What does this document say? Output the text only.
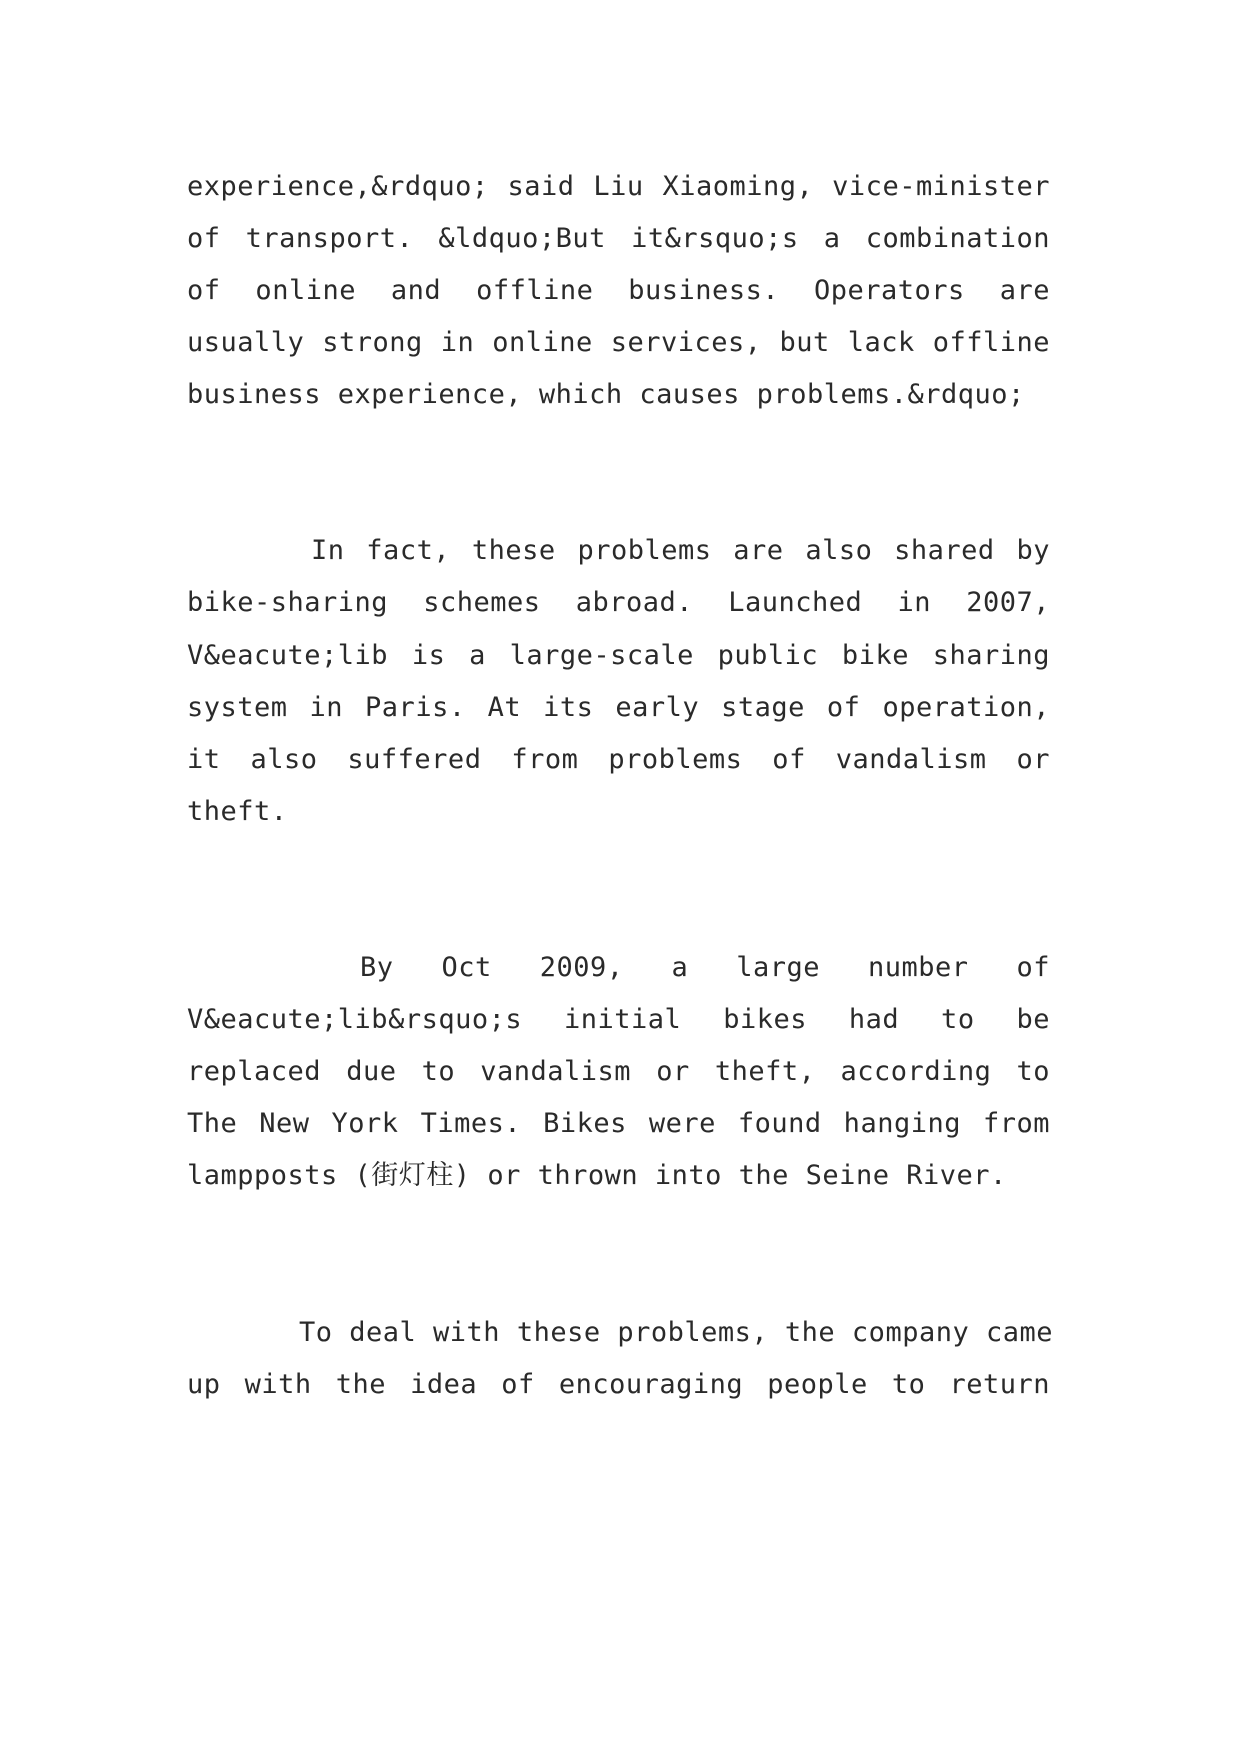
experience,&rdquo; said Liu Xiaoming, vice-minister
of transport. &ldquo;But it&rsquo;s a combination
of online and offline business. Operators are
usually strong in online services, but lack offline
business experience, which causes problems.&rdquo;
In fact, these problems are also shared by
bike-sharing schemes abroad. Launched in 2007,
V&eacute;lib is a large-scale public bike sharing
system in Paris. At its early stage of operation,
it also suffered from problems of vandalism or
theft.
By Oct 2009, a large number of
V&eacute;lib&rsquo;s initial bikes had to be
replaced due to vandalism or theft, according to
The New York Times. Bikes were found hanging from
lampposts (街灯柱) or thrown into the Seine River.
To deal with these problems, the company came
up with the idea of encouraging people to return
